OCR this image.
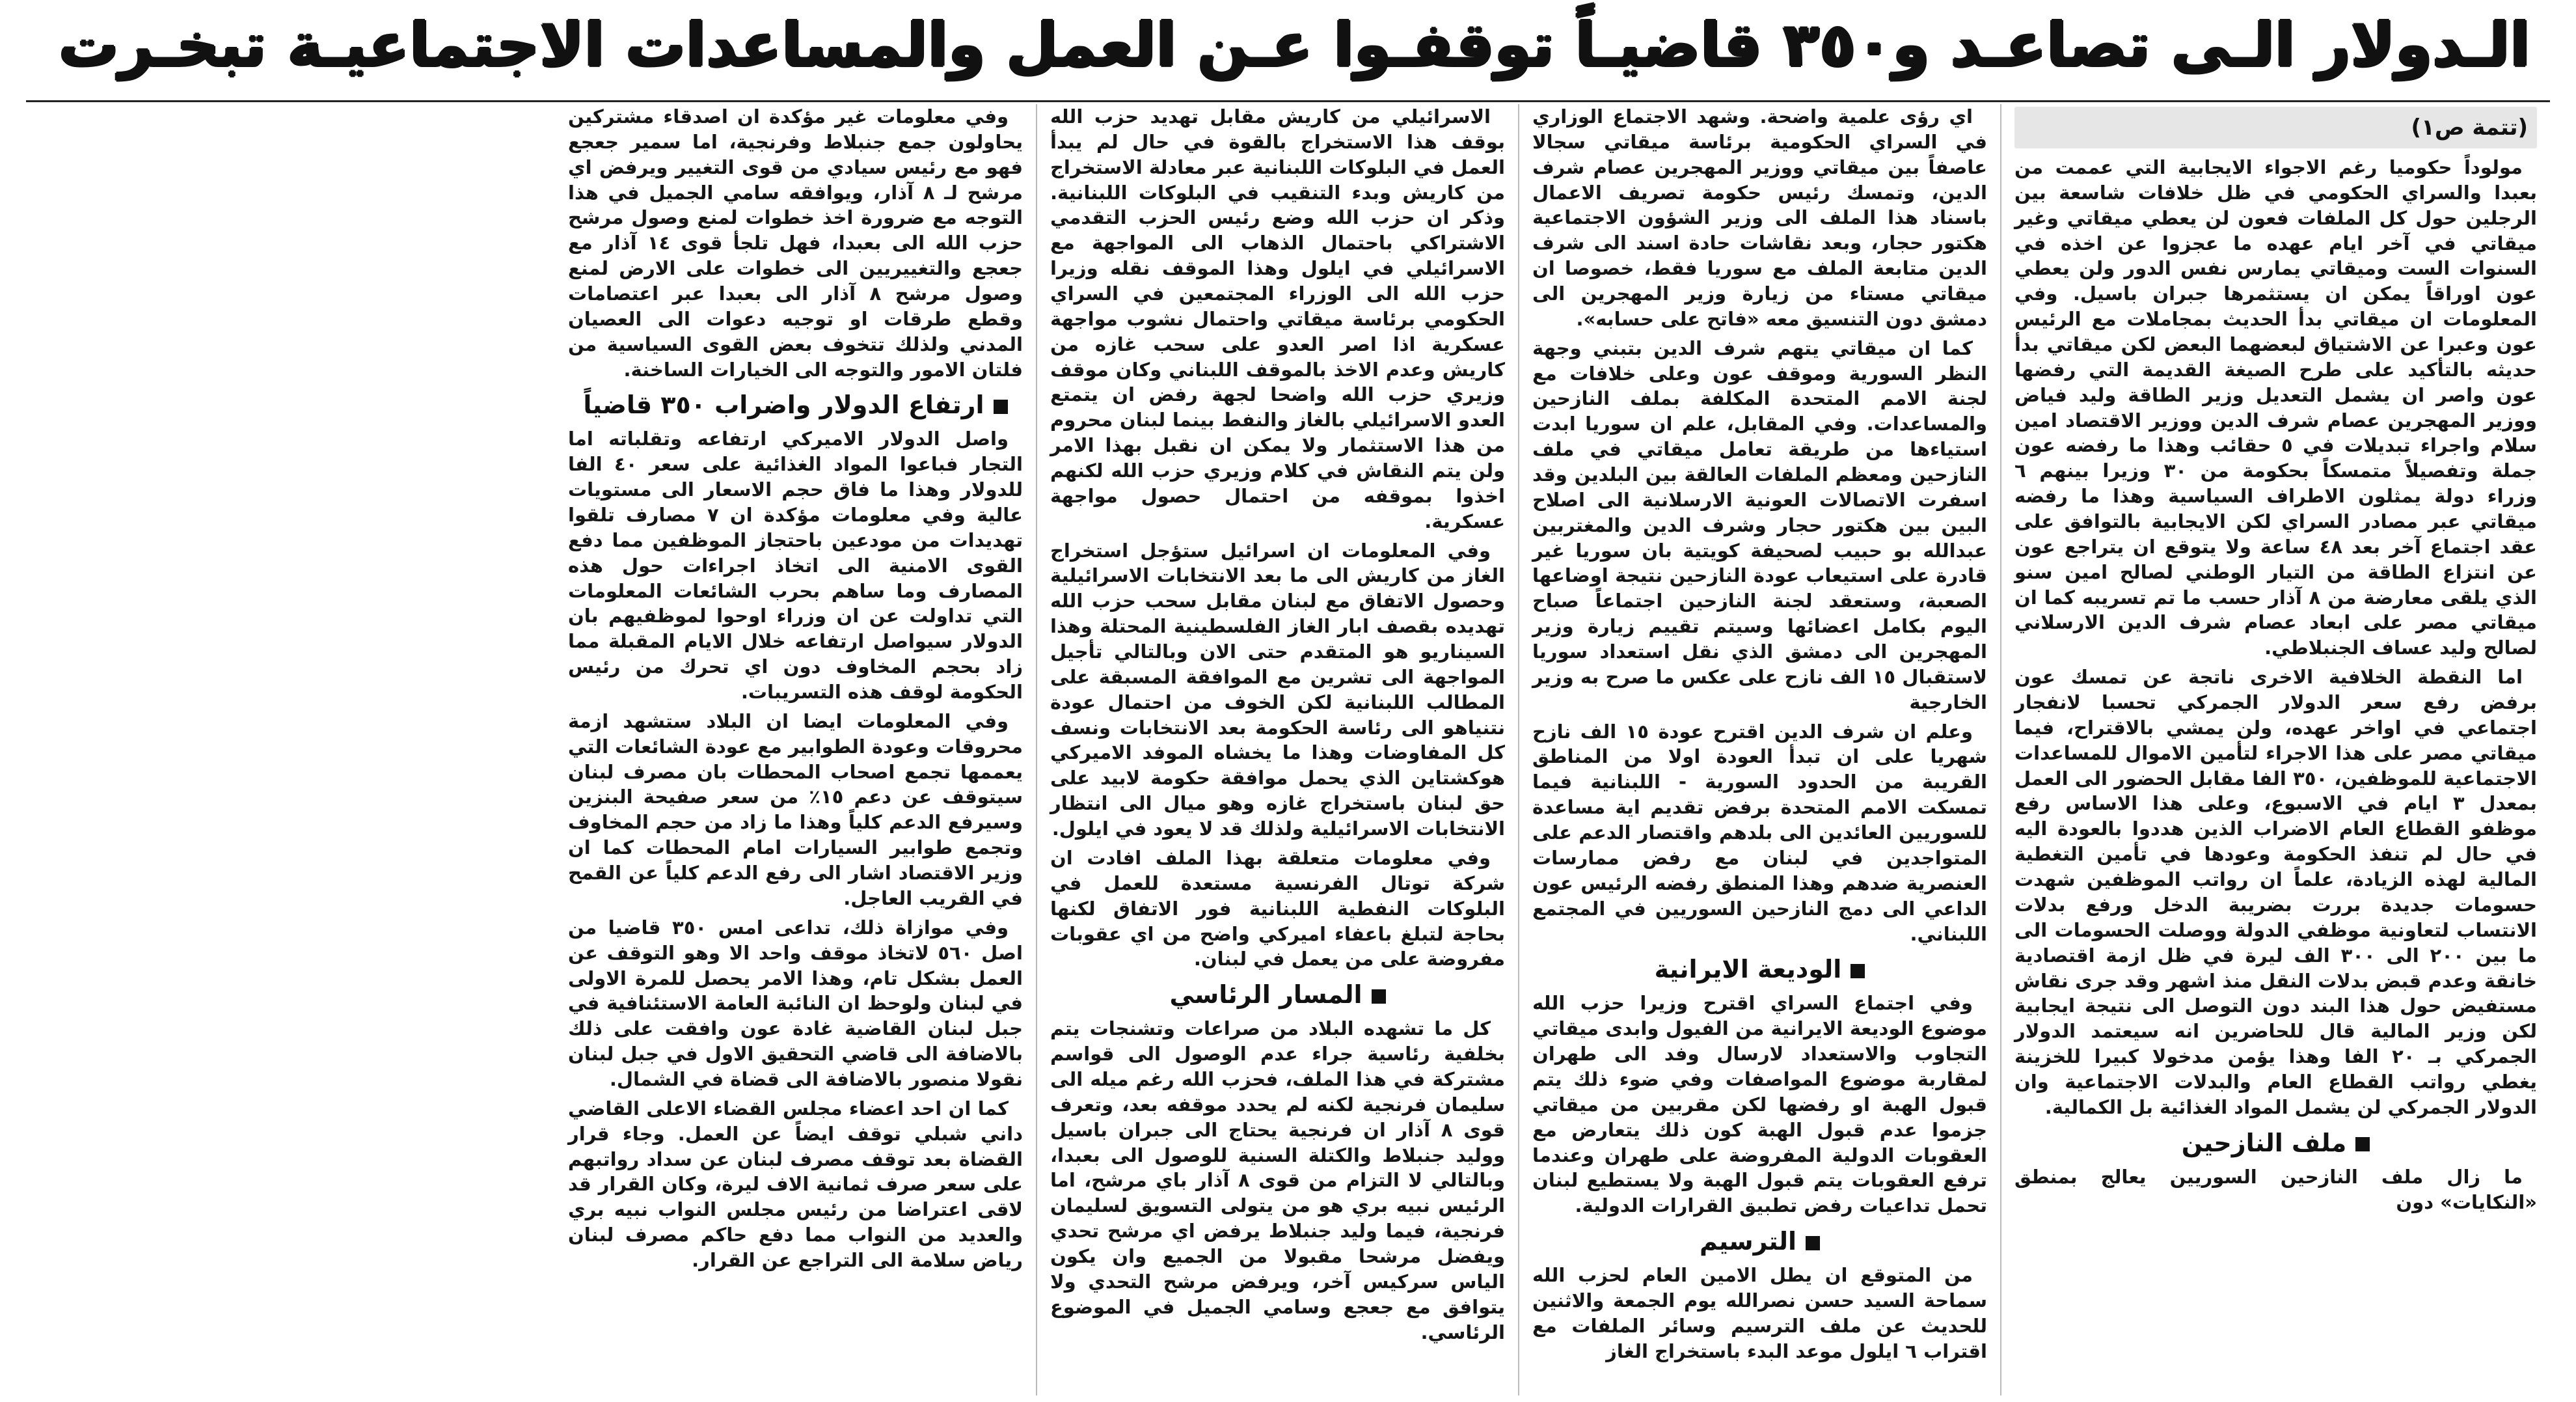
الـدولار الـى تصاعـد و٣٥٠ قاضيـاً توقفـوا عـن العمل والمساعدات الاجتماعيـة تبخـرت
(تتمة ص١)

مولوداً حكوميا رغم الاجواء الايجابية التي عممت من بعبدا والسراي الحكومي في ظل خلافات شاسعة بين الرجلين حول كل الملفات فعون لن يعطي ميقاتي وغير ميقاتي في آخر ايام عهده ما عجزوا عن اخذه في السنوات الست وميقاتي يمارس نفس الدور ولن يعطي عون اوراقاً يمكن ان يستثمرها جبران باسيل. وفي المعلومات ان ميقاتي بدأ الحديث بمجاملات مع الرئيس عون وعبرا عن الاشتياق لبعضهما البعض لكن ميقاتي بدأ حديثه بالتأكيد على طرح الصيغة القديمة التي رفضها عون واصر ان يشمل التعديل وزير الطاقة وليد فياض ووزير المهجرين عصام شرف الدين ووزير الاقتصاد امين سلام واجراء تبديلات في ٥ حقائب وهذا ما رفضه عون جملة وتفصيلاً متمسكاً بحكومة من ٣٠ وزيرا بينهم ٦ وزراء دولة يمثلون الاطراف السياسية وهذا ما رفضه ميقاتي عبر مصادر السراي لكن الايجابية بالتوافق على عقد اجتماع آخر بعد ٤٨ ساعة ولا يتوقع ان يتراجع عون عن انتزاع الطاقة من التيار الوطني لصالح امين سنو الذي يلقى معارضة من ٨ آذار حسب ما تم تسريبه كما ان ميقاتي مصر على ابعاد عصام شرف الدين الارسلاني لصالح وليد عساف الجنبلاطي.

اما النقطة الخلافية الاخرى ناتجة عن تمسك عون برفض رفع سعر الدولار الجمركي تحسبا لانفجار اجتماعي في اواخر عهده، ولن يمشي بالاقتراح، فيما ميقاتي مصر على هذا الاجراء لتأمين الاموال للمساعدات الاجتماعية للموظفين، ٣٥٠ الفا مقابل الحضور الى العمل بمعدل ٣ ايام في الاسبوع، وعلى هذا الاساس رفع موظفو القطاع العام الاضراب الذين هددوا بالعودة اليه في حال لم تنفذ الحكومة وعودها في تأمين التغطية المالية لهذه الزيادة، علماً ان رواتب الموظفين شهدت حسومات جديدة بررت بضريبة الدخل ورفع بدلات الانتساب لتعاونية موظفي الدولة ووصلت الحسومات الى ما بين ٢٠٠ الى ٣٠٠ الف ليرة في ظل ازمة اقتصادية خانقة وعدم قبض بدلات النقل منذ اشهر وقد جرى نقاش مستفيض حول هذا البند دون التوصل الى نتيجة ايجابية لكن وزير المالية قال للحاضرين انه سيعتمد الدولار الجمركي بـ ٢٠ الفا وهذا يؤمن مدخولا كبيرا للخزينة يغطي رواتب القطاع العام والبدلات الاجتماعية وان الدولار الجمركي لن يشمل المواد الغذائية بل الكمالية.

ملف النازحين

ما زال ملف النازحين السوريين يعالج بمنطق «النكايات» دون

اي رؤى علمية واضحة. وشهد الاجتماع الوزاري في السراي الحكومية برئاسة ميقاتي سجالا عاصفاً بين ميقاتي ووزير المهجرين عصام شرف الدين، وتمسك رئيس حكومة تصريف الاعمال باسناد هذا الملف الى وزير الشؤون الاجتماعية هكتور حجار، وبعد نقاشات حادة اسند الى شرف الدين متابعة الملف مع سوريا فقط، خصوصا ان ميقاتي مستاء من زيارة وزير المهجرين الى دمشق دون التنسيق معه «فاتح على حسابه».

كما ان ميقاتي يتهم شرف الدين بتبني وجهة النظر السورية وموقف عون وعلى خلافات مع لجنة الامم المتحدة المكلفة بملف النازحين والمساعدات. وفي المقابل، علم ان سوريا ابدت استياءها من طريقة تعامل ميقاتي في ملف النازحين ومعظم الملفات العالقة بين البلدين وقد اسفرت الاتصالات العونية الارسلانية الى اصلاح البين بين هكتور حجار وشرف الدين والمغتربين عبدالله بو حبيب لصحيفة كويتية بان سوريا غير قادرة على استيعاب عودة النازحين نتيجة اوضاعها الصعبة، وستعقد لجنة النازحين اجتماعاً صباح اليوم بكامل اعضائها وسيتم تقييم زيارة وزير المهجرين الى دمشق الذي نقل استعداد سوريا لاستقبال ١٥ الف نازح على عكس ما صرح به وزير الخارجية

وعلم ان شرف الدين اقترح عودة ١٥ الف نازح شهريا على ان تبدأ العودة اولا من المناطق القريبة من الحدود السورية - اللبنانية فيما تمسكت الامم المتحدة برفض تقديم اية مساعدة للسوريين العائدين الى بلدهم واقتصار الدعم على المتواجدين في لبنان مع رفض ممارسات العنصرية ضدهم وهذا المنطق رفضه الرئيس عون الداعي الى دمج النازحين السوريين في المجتمع اللبناني.

الوديعة الايرانية

وفي اجتماع السراي اقترح وزيرا حزب الله موضوع الوديعة الايرانية من الفيول وابدى ميقاتي التجاوب والاستعداد لارسال وفد الى طهران لمقاربة موضوع المواصفات وفي ضوء ذلك يتم قبول الهبة او رفضها لكن مقربين من ميقاتي جزموا عدم قبول الهبة كون ذلك يتعارض مع العقوبات الدولية المفروضة على طهران وعندما ترفع العقوبات يتم قبول الهبة ولا يستطيع لبنان تحمل تداعيات رفض تطبيق القرارات الدولية.

الترسيم

من المتوقع ان يطل الامين العام لحزب الله سماحة السيد حسن نصرالله يوم الجمعة والاثنين للحديث عن ملف الترسيم وسائر الملفات مع اقتراب ٦ ايلول موعد البدء باستخراج الغاز

الاسرائيلي من كاريش مقابل تهديد حزب الله بوقف هذا الاستخراج بالقوة في حال لم يبدأ العمل في البلوكات اللبنانية عبر معادلة الاستخراج من كاريش وبدء التنقيب في البلوكات اللبنانية. وذكر ان حزب الله وضع رئيس الحزب التقدمي الاشتراكي باحتمال الذهاب الى المواجهة مع الاسرائيلي في ايلول وهذا الموقف نقله وزيرا حزب الله الى الوزراء المجتمعين في السراي الحكومي برئاسة ميقاتي واحتمال نشوب مواجهة عسكرية اذا اصر العدو على سحب غازه من كاريش وعدم الاخذ بالموقف اللبناني وكان موقف وزيري حزب الله واضحا لجهة رفض ان يتمتع العدو الاسرائيلي بالغاز والنفط بينما لبنان محروم من هذا الاستثمار ولا يمكن ان نقبل بهذا الامر ولن يتم النقاش في كلام وزيري حزب الله لكنهم اخذوا بموقفه من احتمال حصول مواجهة عسكرية.

وفي المعلومات ان اسرائيل ستؤجل استخراج الغاز من كاريش الى ما بعد الانتخابات الاسرائيلية وحصول الاتفاق مع لبنان مقابل سحب حزب الله تهديده بقصف ابار الغاز الفلسطينية المحتلة وهذا السيناريو هو المتقدم حتى الان وبالتالي تأجيل المواجهة الى تشرين مع الموافقة المسبقة على المطالب اللبنانية لكن الخوف من احتمال عودة نتنياهو الى رئاسة الحكومة بعد الانتخابات ونسف كل المفاوضات وهذا ما يخشاه الموفد الاميركي هوكشتاين الذي يحمل موافقة حكومة لابيد على حق لبنان باستخراج غازه وهو ميال الى انتظار الانتخابات الاسرائيلية ولذلك قد لا يعود في ايلول.

وفي معلومات متعلقة بهذا الملف افادت ان شركة توتال الفرنسية مستعدة للعمل في البلوكات النفطية اللبنانية فور الاتفاق لكنها بحاجة لتبلغ باعفاء اميركي واضح من اي عقوبات مفروضة على من يعمل في لبنان.

المسار الرئاسي

كل ما تشهده البلاد من صراعات وتشنجات يتم بخلفية رئاسية جراء عدم الوصول الى قواسم مشتركة في هذا الملف، فحزب الله رغم ميله الى سليمان فرنجية لكنه لم يحدد موقفه بعد، وتعرف قوى ٨ آذار ان فرنجية يحتاج الى جبران باسيل ووليد جنبلاط والكتلة السنية للوصول الى بعبدا، وبالتالي لا التزام من قوى ٨ آذار باي مرشح، اما الرئيس نبيه بري هو من يتولى التسويق لسليمان فرنجية، فيما وليد جنبلاط يرفض اي مرشح تحدي ويفضل مرشحا مقبولا من الجميع وان يكون الياس سركيس آخر، ويرفض مرشح التحدي ولا يتوافق مع جعجع وسامي الجميل في الموضوع الرئاسي.

وفي معلومات غير مؤكدة ان اصدقاء مشتركين يحاولون جمع جنبلاط وفرنجية، اما سمير جعجع فهو مع رئيس سيادي من قوى التغيير ويرفض اي مرشح لـ ٨ آذار، ويوافقه سامي الجميل في هذا التوجه مع ضرورة اخذ خطوات لمنع وصول مرشح حزب الله الى بعبدا، فهل تلجأ قوى ١٤ آذار مع جعجع والتغييريين الى خطوات على الارض لمنع وصول مرشح ٨ آذار الى بعبدا عبر اعتصامات وقطع طرقات او توجيه دعوات الى العصيان المدني ولذلك تتخوف بعض القوى السياسية من فلتان الامور والتوجه الى الخيارات الساخنة.

ارتفاع الدولار واضراب ٣٥٠ قاضياً

واصل الدولار الاميركي ارتفاعه وتقلباته اما التجار فباعوا المواد الغذائية على سعر ٤٠ الفا للدولار وهذا ما فاق حجم الاسعار الى مستويات عالية وفي معلومات مؤكدة ان ٧ مصارف تلقوا تهديدات من مودعين باحتجاز الموظفين مما دفع القوى الامنية الى اتخاذ اجراءات حول هذه المصارف وما ساهم بحرب الشائعات المعلومات التي تداولت عن ان وزراء اوحوا لموظفيهم بان الدولار سيواصل ارتفاعه خلال الايام المقبلة مما زاد بحجم المخاوف دون اي تحرك من رئيس الحكومة لوقف هذه التسريبات.

وفي المعلومات ايضا ان البلاد ستشهد ازمة محروقات وعودة الطوابير مع عودة الشائعات التي يعممها تجمع اصحاب المحطات بان مصرف لبنان سيتوقف عن دعم ١٥٪ من سعر صفيحة البنزين وسيرفع الدعم كلياً وهذا ما زاد من حجم المخاوف وتجمع طوابير السيارات امام المحطات كما ان وزير الاقتصاد اشار الى رفع الدعم كلياً عن القمح في القريب العاجل.

وفي موازاة ذلك، تداعى امس ٣٥٠ قاضيا من اصل ٥٦٠ لاتخاذ موقف واحد الا وهو التوقف عن العمل بشكل تام، وهذا الامر يحصل للمرة الاولى في لبنان ولوحظ ان النائبة العامة الاستئنافية في جبل لبنان القاضية غادة عون وافقت على ذلك بالاضافة الى قاضي التحقيق الاول في جبل لبنان نقولا منصور بالاضافة الى قضاة في الشمال.

كما ان احد اعضاء مجلس القضاء الاعلى القاضي داني شبلي توقف ايضاً عن العمل. وجاء قرار القضاة بعد توقف مصرف لبنان عن سداد رواتبهم على سعر صرف ثمانية الاف ليرة، وكان القرار قد لاقى اعتراضا من رئيس مجلس النواب نبيه بري والعديد من النواب مما دفع حاكم مصرف لبنان رياض سلامة الى التراجع عن القرار.
